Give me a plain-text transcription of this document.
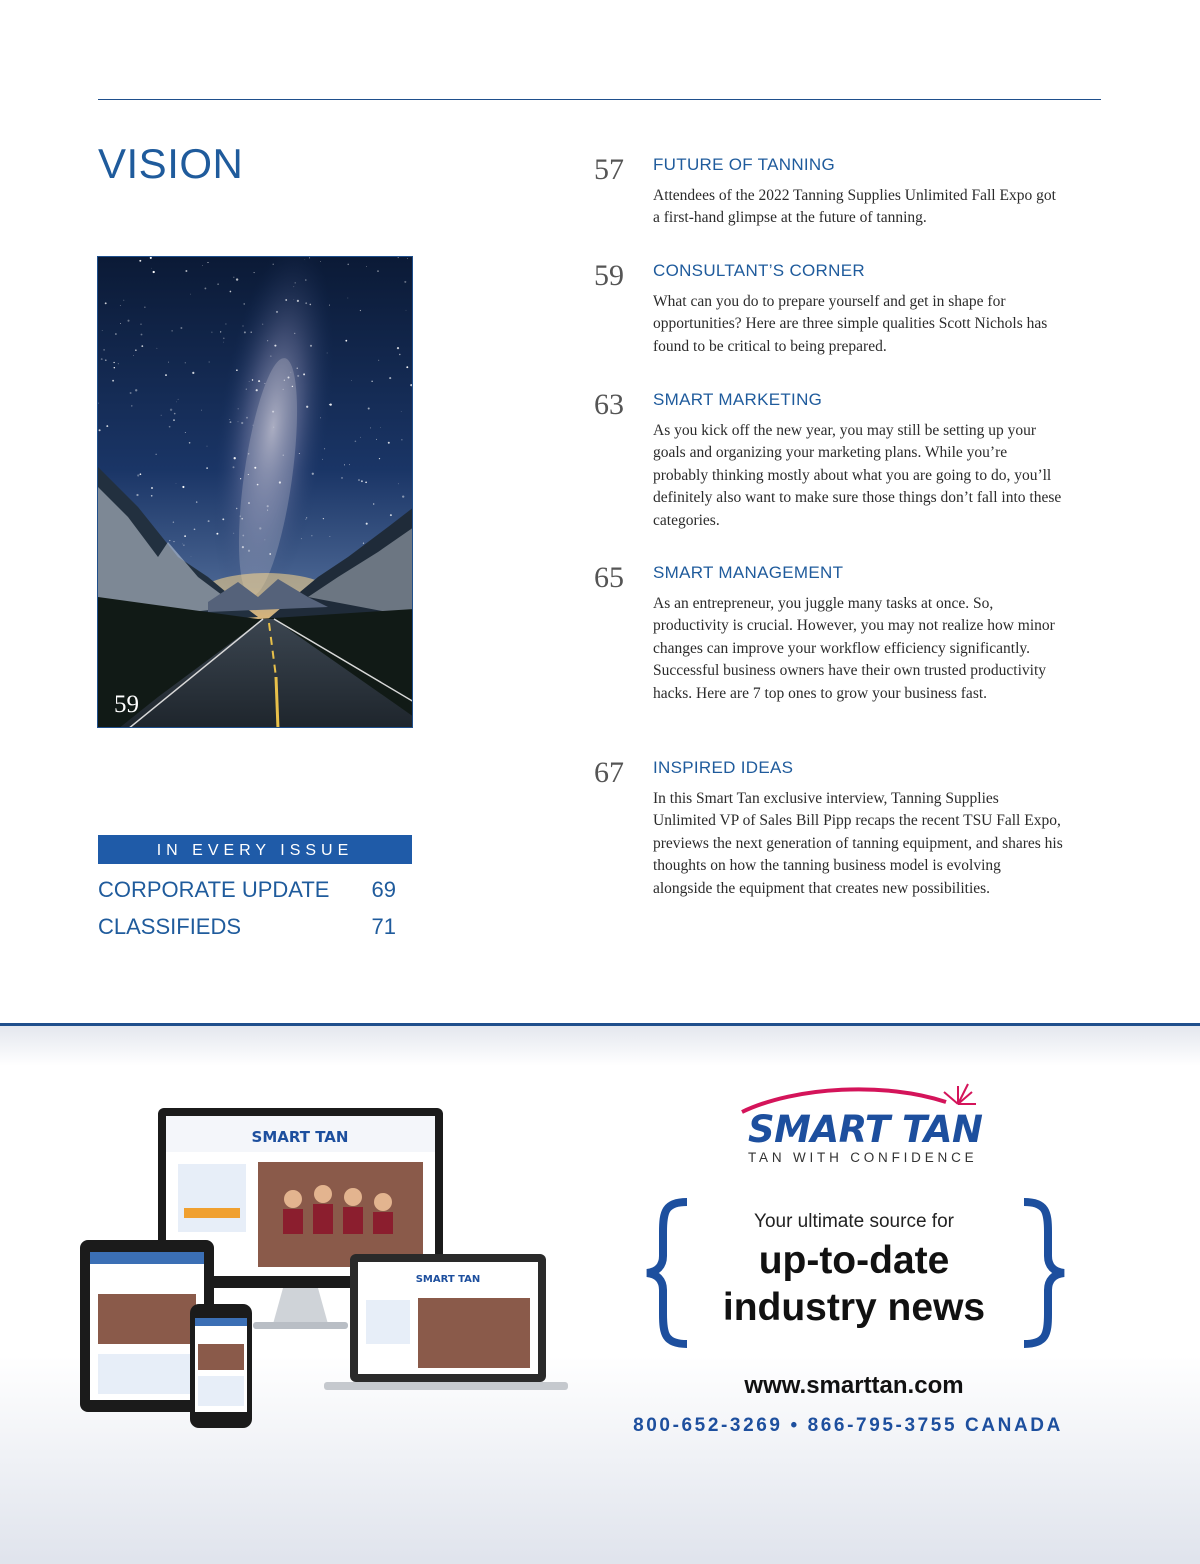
VISION
59
IN EVERY ISSUE
CORPORATE UPDATE 69
CLASSIFIEDS	71
57 FUTURE OF TANNING

Attendees of the 2022 Tanning Supplies Unlimited Fall Expo got a first-hand glimpse at the future of tanning.

59 CONSULTANT’S CORNER

What can you do to prepare yourself and get in shape for opportunities? Here are three simple qualities Scott Nichols has found to be critical to being prepared.

63 SMART MARKETING

As you kick off the new year, you may still be setting up your goals and organizing your marketing plans. While you’re probably thinking mostly about what you are going to do, you’ll definitely also want to make sure those things don’t fall into these categories.

65 SMART MANAGEMENT

As an entrepreneur, you juggle many tasks at once. So, productivity is crucial. However, you may not realize how minor changes can improve your workflow efficiency significantly. Successful business owners have their own trusted productivity hacks. Here are 7 top ones to grow your business fast.

67 INSPIRED IDEAS

In this Smart Tan exclusive interview, Tanning Supplies Unlimited VP of Sales Bill Pipp recaps the recent TSU Fall Expo, previews the next generation of tanning equipment, and shares his thoughts on how the tanning business model is evolving alongside the equipment that creates new possibilities.

SMART TAN
SMART TAN
SMART TAN
TAN WITH CONFIDENCE
Your ultimate source for
up-to-date
industry news
www.smarttan.com
800-652-3269 • 866-795-3755 CANADA
